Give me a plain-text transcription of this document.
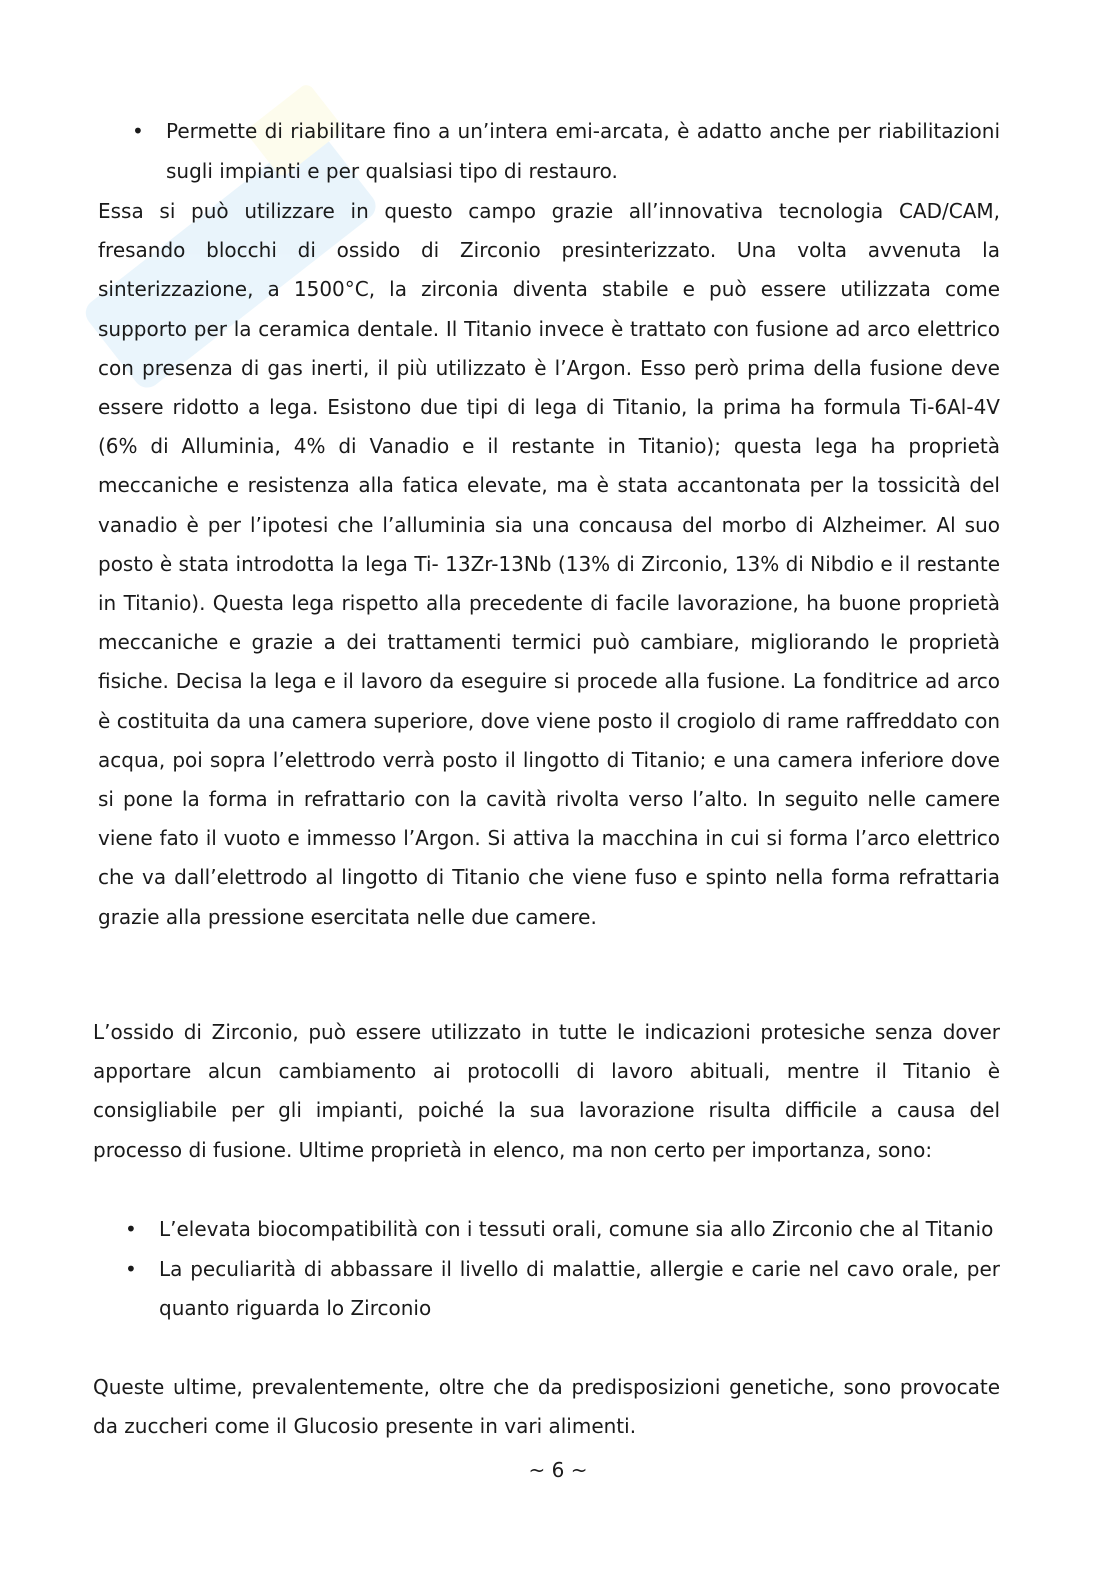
• Permette di riabilitare fino a un’intera emi-arcata, è adatto anche per riabilitazioni sugli impianti e per qualsiasi tipo di restauro.
Essa si può utilizzare in questo campo grazie all’innovativa tecnologia CAD/CAM, fresando blocchi di ossido di Zirconio presinterizzato. Una volta avvenuta la sinterizzazione, a 1500°C, la zirconia diventa stabile e può essere utilizzata come supporto per la ceramica dentale. Il Titanio invece è trattato con fusione ad arco elettrico con presenza di gas inerti, il più utilizzato è l’Argon. Esso però prima della fusione deve essere ridotto a lega. Esistono due tipi di lega di Titanio, la prima ha formula Ti-6Al-4V (6% di Alluminia, 4% di Vanadio e il restante in Titanio); questa lega ha proprietà meccaniche e resistenza alla fatica elevate, ma è stata accantonata per la tossicità del vanadio è per l’ipotesi che l’alluminia sia una concausa del morbo di Alzheimer. Al suo posto è stata introdotta la lega Ti- 13Zr-13Nb (13% di Zirconio, 13% di Nibdio e il restante in Titanio). Questa lega rispetto alla precedente di facile lavorazione, ha buone proprietà meccaniche e grazie a dei trattamenti termici può cambiare, migliorando le proprietà fisiche. Decisa la lega e il lavoro da eseguire si procede alla fusione. La fonditrice ad arco è costituita da una camera superiore, dove viene posto il crogiolo di rame raffreddato con acqua, poi sopra l’elettrodo verrà posto il lingotto di Titanio; e una camera inferiore dove si pone la forma in refrattario con la cavità rivolta verso l’alto. In seguito nelle camere viene fato il vuoto e immesso l’Argon. Si attiva la macchina in cui si forma l’arco elettrico che va dall’elettrodo al lingotto di Titanio che viene fuso e spinto nella forma refrattaria grazie alla pressione esercitata nelle due camere.
L’ossido di Zirconio, può essere utilizzato in tutte le indicazioni protesiche senza dover apportare alcun cambiamento ai protocolli di lavoro abituali, mentre il Titanio è consigliabile per gli impianti, poiché la sua lavorazione risulta difficile a causa del processo di fusione. Ultime proprietà in elenco, ma non certo per importanza, sono:
• L’elevata biocompatibilità con i tessuti orali, comune sia allo Zirconio che al Titanio
• La peculiarità di abbassare il livello di malattie, allergie e carie nel cavo orale, per quanto riguarda lo Zirconio
Queste ultime, prevalentemente, oltre che da predisposizioni genetiche, sono provocate da zuccheri come il Glucosio presente in vari alimenti.
~ 6 ~
